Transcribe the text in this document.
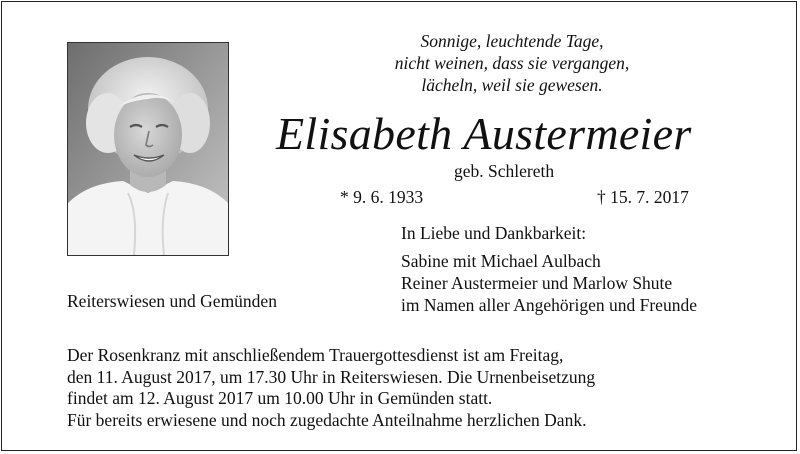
Sonnige, leuchtende Tage,
nicht weinen, dass sie vergangen,
lächeln, weil sie gewesen.
Elisabeth Austermeier
geb. Schlereth
* 9. 6. 1933	† 15. 7. 2017
In Liebe und Dankbarkeit:
Sabine mit Michael Aulbach
Reiner Austermeier und Marlow Shute
im Namen aller Angehörigen und Freunde
Reiterswiesen und Gemünden
Der Rosenkranz mit anschließendem Trauergottesdienst ist am Freitag,
den 11. August 2017, um 17.30 Uhr in Reiterswiesen. Die Urnenbeisetzung
findet am 12. August 2017 um 10.00 Uhr in Gemünden statt.
Für bereits erwiesene und noch zugedachte Anteilnahme herzlichen Dank.
